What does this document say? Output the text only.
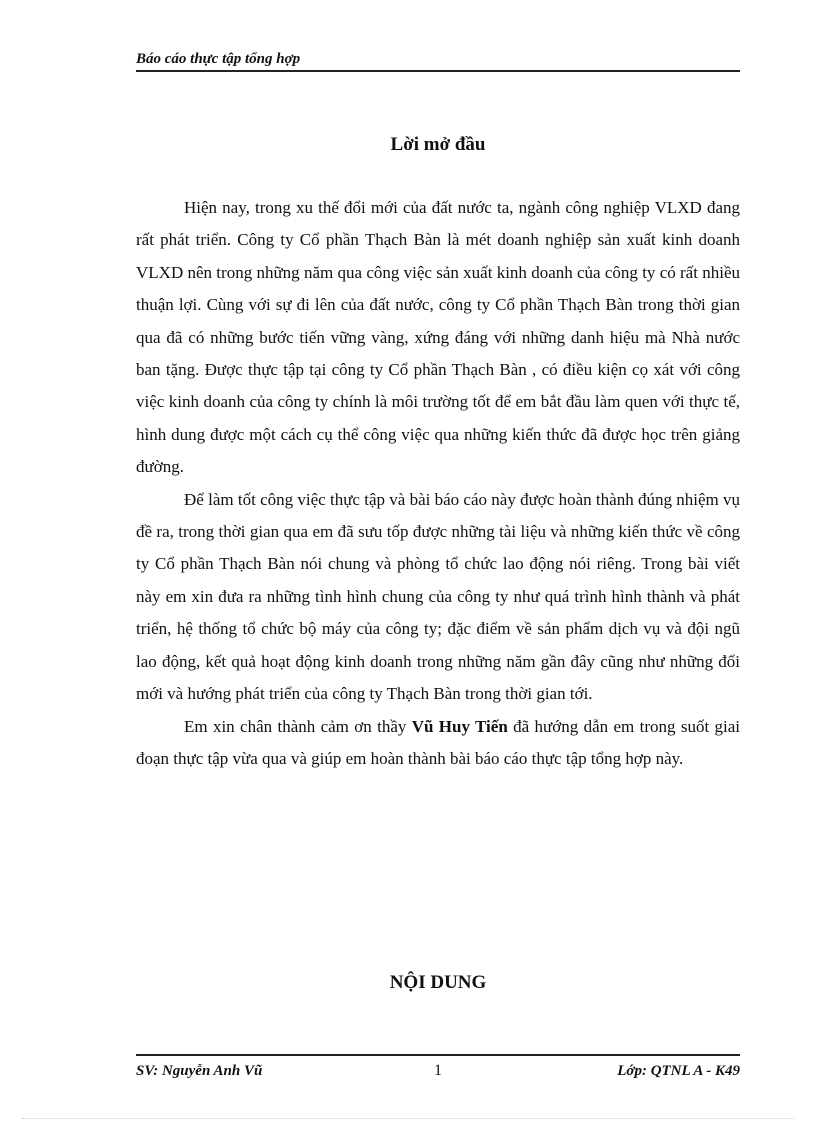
Báo cáo thực tập tổng hợp
Lời mở đầu

Hiện nay, trong xu thế đổi mới của đất nước ta, ngành công nghiệp VLXD đang rất phát triển. Công ty Cổ phần Thạch Bàn là mét doanh nghiệp sản xuất kinh doanh VLXD nên trong những năm qua công việc sản xuất kinh doanh của công ty có rất nhiều thuận lợi. Cùng với sự đi lên của đất nước, công ty Cổ phần Thạch Bàn trong thời gian qua đã có những bước tiến vững vàng, xứng đáng với những danh hiệu mà Nhà nước ban tặng. Được thực tập tại công ty Cổ phần Thạch Bàn , có điều kiện cọ xát với công việc kinh doanh của công ty chính là môi trường tốt để em bắt đầu làm quen với thực tế, hình dung được một cách cụ thể công việc qua những kiến thức đã được học trên giảng đường.

Để làm tốt công việc thực tập và bài báo cáo này được hoàn thành đúng nhiệm vụ đề ra, trong thời gian qua em đã sưu tốp được những tài liệu và những kiến thức về công ty Cổ phần Thạch Bàn nói chung và phòng tổ chức lao động nói riêng. Trong bài viết này em xin đưa ra những tình hình chung của công ty như quá trình hình thành và phát triển, hệ thống tổ chức bộ máy của công ty; đặc điểm về sản phẩm dịch vụ và đội ngũ lao động, kết quả hoạt động kinh doanh trong những năm gần đây cũng như những đổi mới và hướng phát triển của công ty Thạch Bàn trong thời gian tới.

Em xin chân thành cảm ơn thầy Vũ Huy Tiến đã hướng dẫn em trong suốt giai đoạn thực tập vừa qua và giúp em hoàn thành bài báo cáo thực tập tổng hợp này.

NỘI DUNG
SV: Nguyễn Anh Vũ	1	Lớp: QTNL A - K49
